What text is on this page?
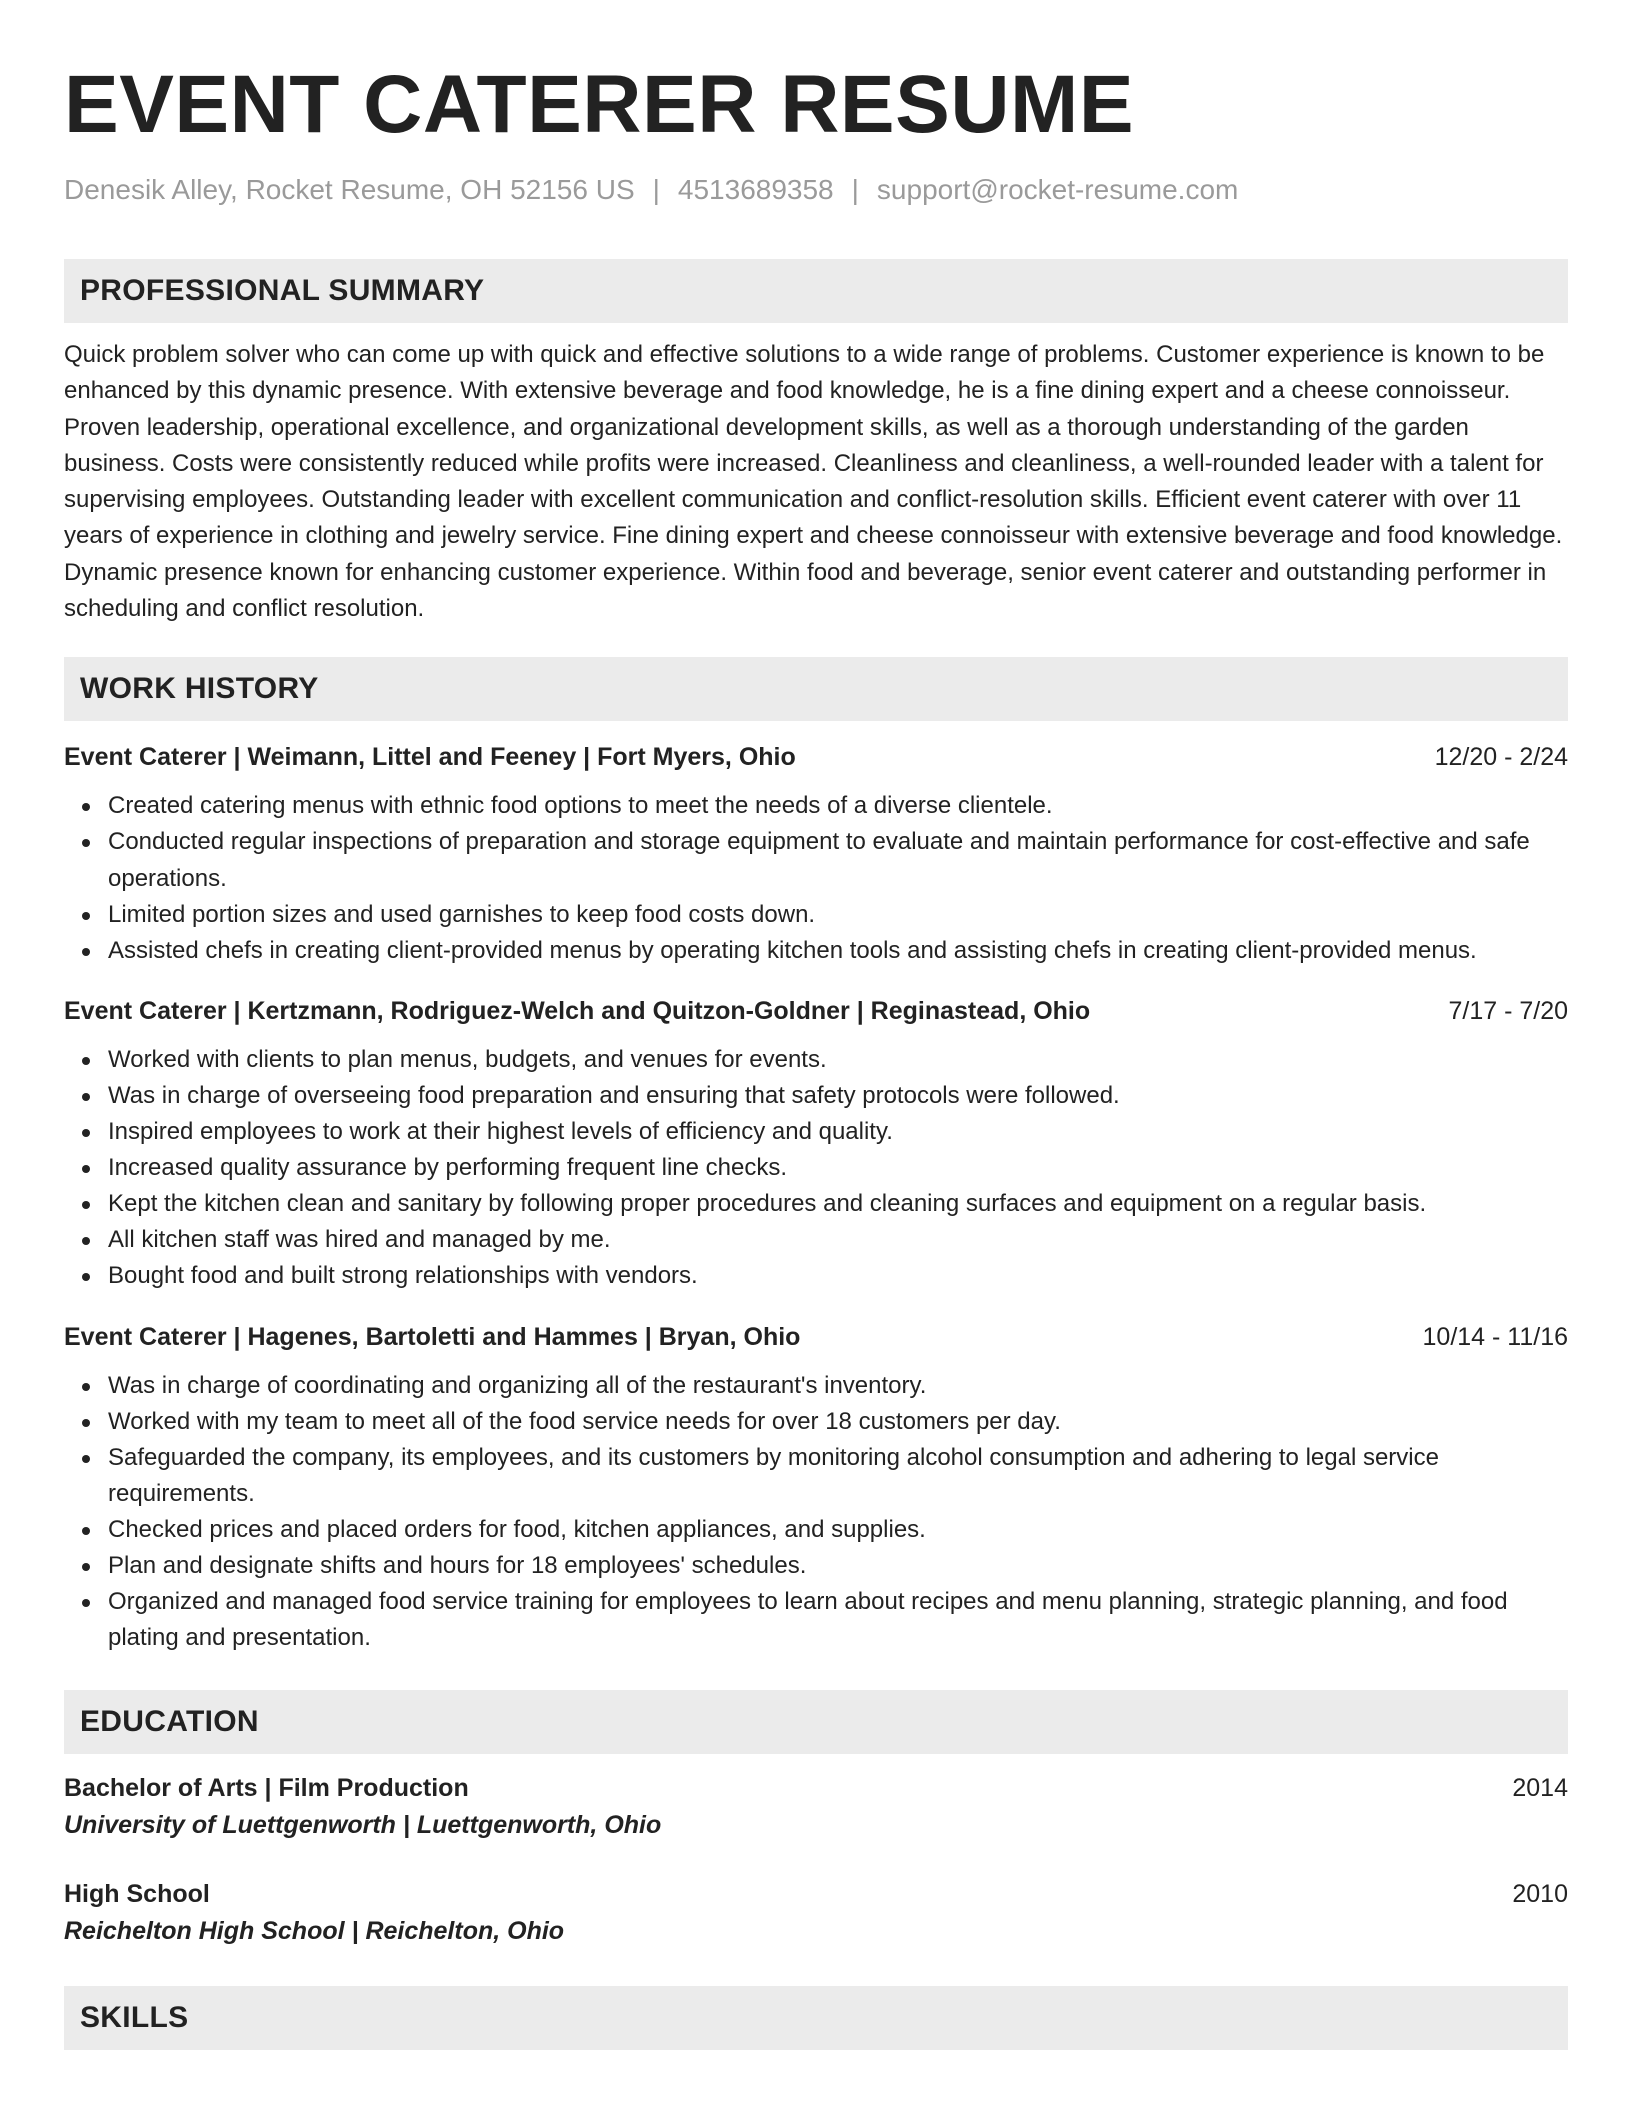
EVENT CATERER RESUME
Denesik Alley, Rocket Resume, OH 52156 US | 4513689358 | support@rocket-resume.com
PROFESSIONAL SUMMARY

Quick problem solver who can come up with quick and effective solutions to a wide range of problems. Customer experience is known to be enhanced by this dynamic presence. With extensive beverage and food knowledge, he is a fine dining expert and a cheese connoisseur. Proven leadership, operational excellence, and organizational development skills, as well as a thorough understanding of the garden business. Costs were consistently reduced while profits were increased. Cleanliness and cleanliness, a well-rounded leader with a talent for supervising employees. Outstanding leader with excellent communication and conflict-resolution skills. Efficient event caterer with over 11 years of experience in clothing and jewelry service. Fine dining expert and cheese connoisseur with extensive beverage and food knowledge. Dynamic presence known for enhancing customer experience. Within food and beverage, senior event caterer and outstanding performer in scheduling and conflict resolution.

WORK HISTORY
Event Caterer | Weimann, Littel and Feeney | Fort Myers, Ohio	12/20 - 2/24
Created catering menus with ethnic food options to meet the needs of a diverse clientele.
Conducted regular inspections of preparation and storage equipment to evaluate and maintain performance for cost-effective and safe operations.
Limited portion sizes and used garnishes to keep food costs down.
Assisted chefs in creating client-provided menus by operating kitchen tools and assisting chefs in creating client-provided menus.
Event Caterer | Kertzmann, Rodriguez-Welch and Quitzon-Goldner | Reginastead, Ohio	7/17 - 7/20
Worked with clients to plan menus, budgets, and venues for events.
Was in charge of overseeing food preparation and ensuring that safety protocols were followed.
Inspired employees to work at their highest levels of efficiency and quality.
Increased quality assurance by performing frequent line checks.
Kept the kitchen clean and sanitary by following proper procedures and cleaning surfaces and equipment on a regular basis.
All kitchen staff was hired and managed by me.
Bought food and built strong relationships with vendors.
Event Caterer | Hagenes, Bartoletti and Hammes | Bryan, Ohio	10/14 - 11/16
Was in charge of coordinating and organizing all of the restaurant's inventory.
Worked with my team to meet all of the food service needs for over 18 customers per day.
Safeguarded the company, its employees, and its customers by monitoring alcohol consumption and adhering to legal service requirements.
Checked prices and placed orders for food, kitchen appliances, and supplies.
Plan and designate shifts and hours for 18 employees' schedules.
Organized and managed food service training for employees to learn about recipes and menu planning, strategic planning, and food plating and presentation.
EDUCATION
Bachelor of Arts | Film Production	2014
University of Luettgenworth | Luettgenworth, Ohio
High School	2010
Reichelton High School | Reichelton, Ohio
SKILLS
